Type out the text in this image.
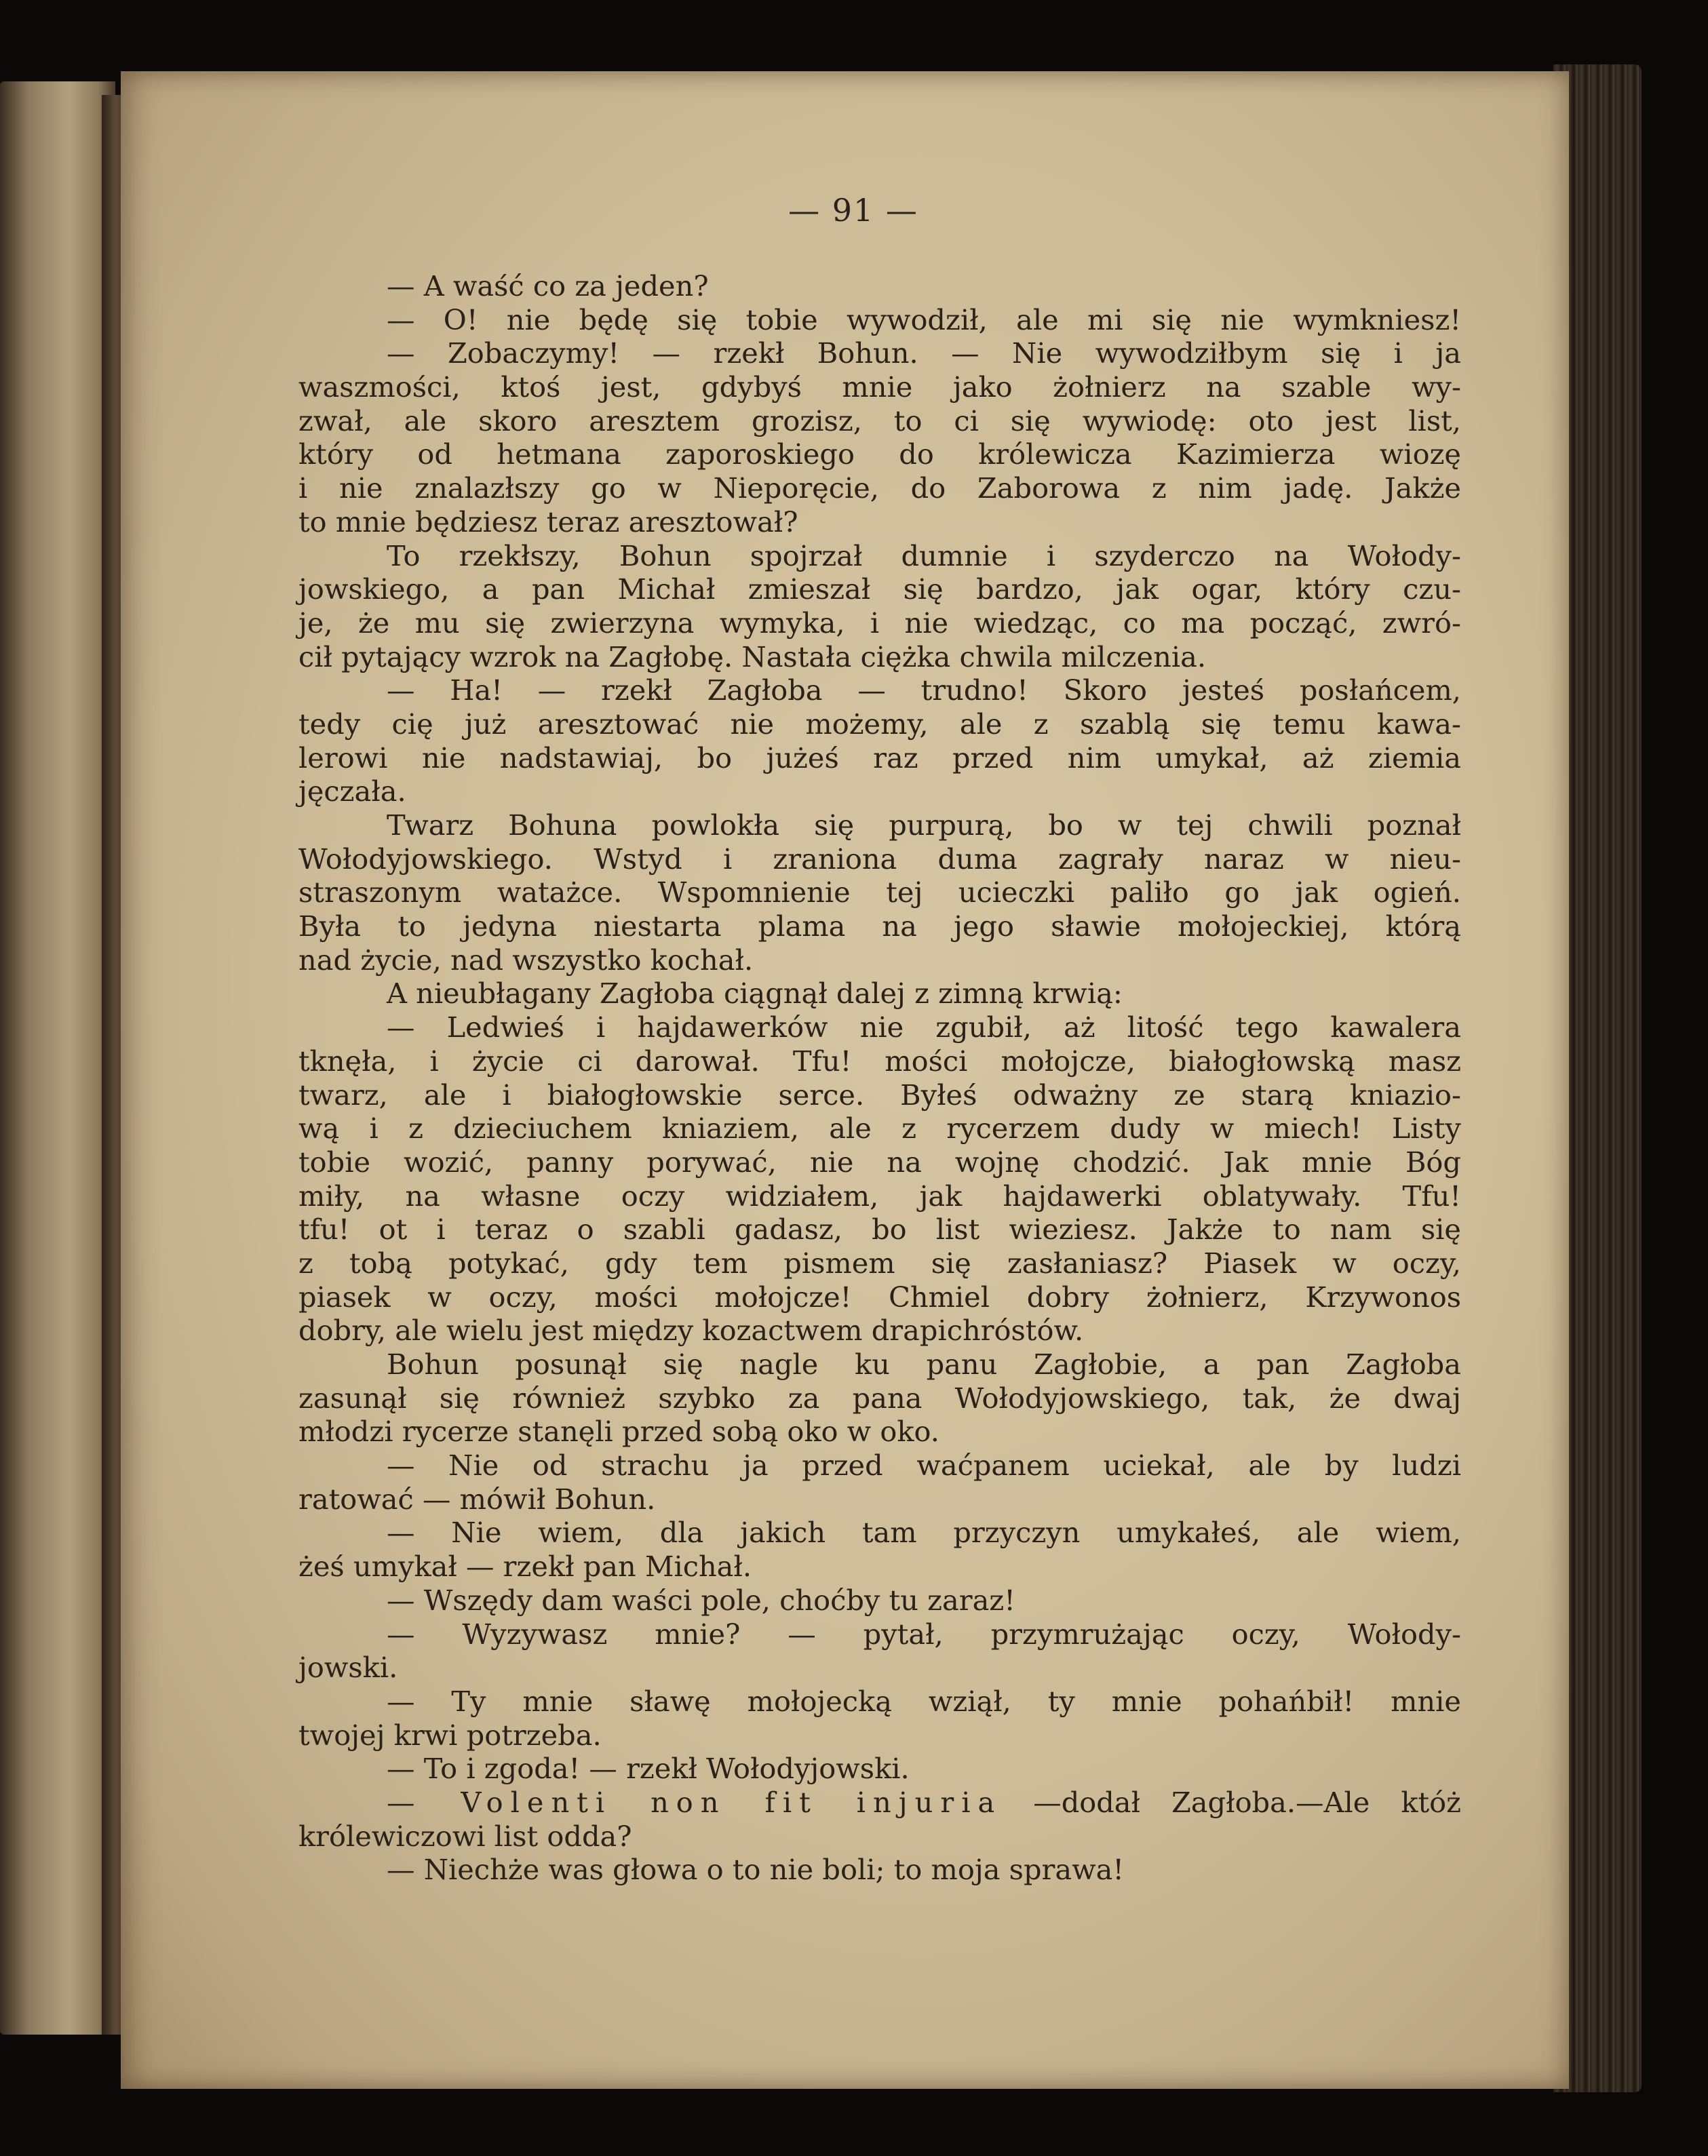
— 91 —
— A waść co za jeden?
— O! nie będę się tobie wywodził, ale mi się nie wymkniesz!
— Zobaczymy! — rzekł Bohun. — Nie wywodziłbym się i ja
waszmości, ktoś jest, gdybyś mnie jako żołnierz na szable wy-
zwał, ale skoro aresztem grozisz, to ci się wywiodę: oto jest list,
który od hetmana zaporoskiego do królewicza Kazimierza wiozę
i nie znalazłszy go w Nieporęcie, do Zaborowa z nim jadę. Jakże
to mnie będziesz teraz aresztował?
To rzekłszy, Bohun spojrzał dumnie i szyderczo na Wołody-
jowskiego, a pan Michał zmieszał się bardzo, jak ogar, który czu-
je, że mu się zwierzyna wymyka, i nie wiedząc, co ma począć, zwró-
cił pytający wzrok na Zagłobę. Nastała ciężka chwila milczenia.
— Ha! — rzekł Zagłoba — trudno! Skoro jesteś posłańcem,
tedy cię już aresztować nie możemy, ale z szablą się temu kawa-
lerowi nie nadstawiaj, bo jużeś raz przed nim umykał, aż ziemia
jęczała.
Twarz Bohuna powlokła się purpurą, bo w tej chwili poznał
Wołodyjowskiego. Wstyd i zraniona duma zagrały naraz w nieu-
straszonym watażce. Wspomnienie tej ucieczki paliło go jak ogień.
Była to jedyna niestarta plama na jego sławie mołojeckiej, którą
nad życie, nad wszystko kochał.
A nieubłagany Zagłoba ciągnął dalej z zimną krwią:
— Ledwieś i hajdawerków nie zgubił, aż litość tego kawalera
tknęła, i życie ci darował. Tfu! mości mołojcze, białogłowską masz
twarz, ale i białogłowskie serce. Byłeś odważny ze starą kniazio-
wą i z dzieciuchem kniaziem, ale z rycerzem dudy w miech! Listy
tobie wozić, panny porywać, nie na wojnę chodzić. Jak mnie Bóg
miły, na własne oczy widziałem, jak hajdawerki oblatywały. Tfu!
tfu! ot i teraz o szabli gadasz, bo list wieziesz. Jakże to nam się
z tobą potykać, gdy tem pismem się zasłaniasz? Piasek w oczy,
piasek w oczy, mości mołojcze! Chmiel dobry żołnierz, Krzywonos
dobry, ale wielu jest między kozactwem drapichróstów.
Bohun posunął się nagle ku panu Zagłobie, a pan Zagłoba
zasunął się również szybko za pana Wołodyjowskiego, tak, że dwaj
młodzi rycerze stanęli przed sobą oko w oko.
— Nie od strachu ja przed waćpanem uciekał, ale by ludzi
ratować — mówił Bohun.
— Nie wiem, dla jakich tam przyczyn umykałeś, ale wiem,
żeś umykał — rzekł pan Michał.
— Wszędy dam waści pole, choćby tu zaraz!
— Wyzywasz mnie? — pytał, przymrużając oczy, Wołody-
jowski.
— Ty mnie sławę mołojecką wziął, ty mnie pohańbił! mnie
twojej krwi potrzeba.
— To i zgoda! — rzekł Wołodyjowski.
— Volenti non fit injuria —dodał Zagłoba.—Ale któż
królewiczowi list odda?
— Niechże was głowa o to nie boli; to moja sprawa!
